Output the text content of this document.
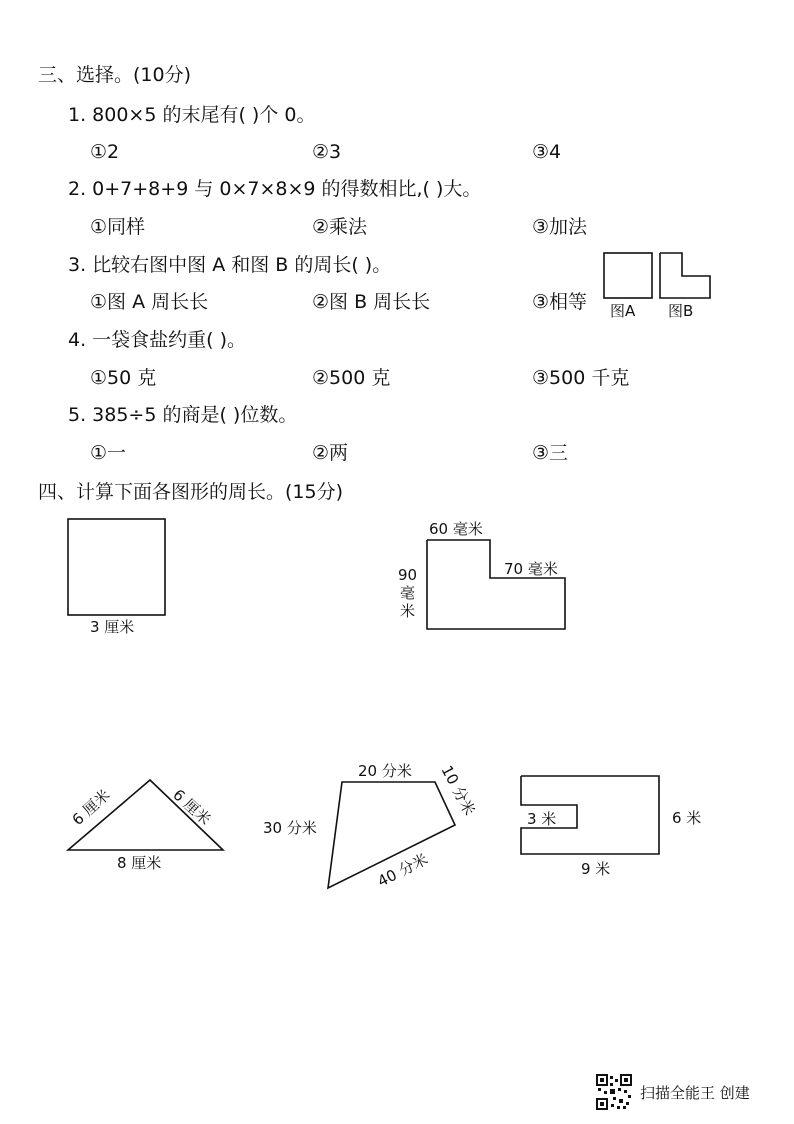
三、选择。(10分)
1. 800×5 的末尾有( )个 0。
①2	②3	③4
2. 0+7+8+9 与 0×7×8×9 的得数相比,( )大。
①同样	②乘法	③加法
3. 比较右图中图 A 和图 B 的周长( )。
①图 A 周长长	②图 B 周长长	③相等 图A 图B
4. 一袋食盐约重( )。
①50 克	②500 克	③500 千克
5. 385÷5 的商是( )位数。
①一	②两	③三
四、计算下面各图形的周长。(15分)
3 厘米
60 毫米
70 毫米
90
毫
米
6 厘米	6 厘米
8 厘米
20 分米 10 分米
30 分米
40 分米
3 米	6 米
9 米
扫描全能王 创建
